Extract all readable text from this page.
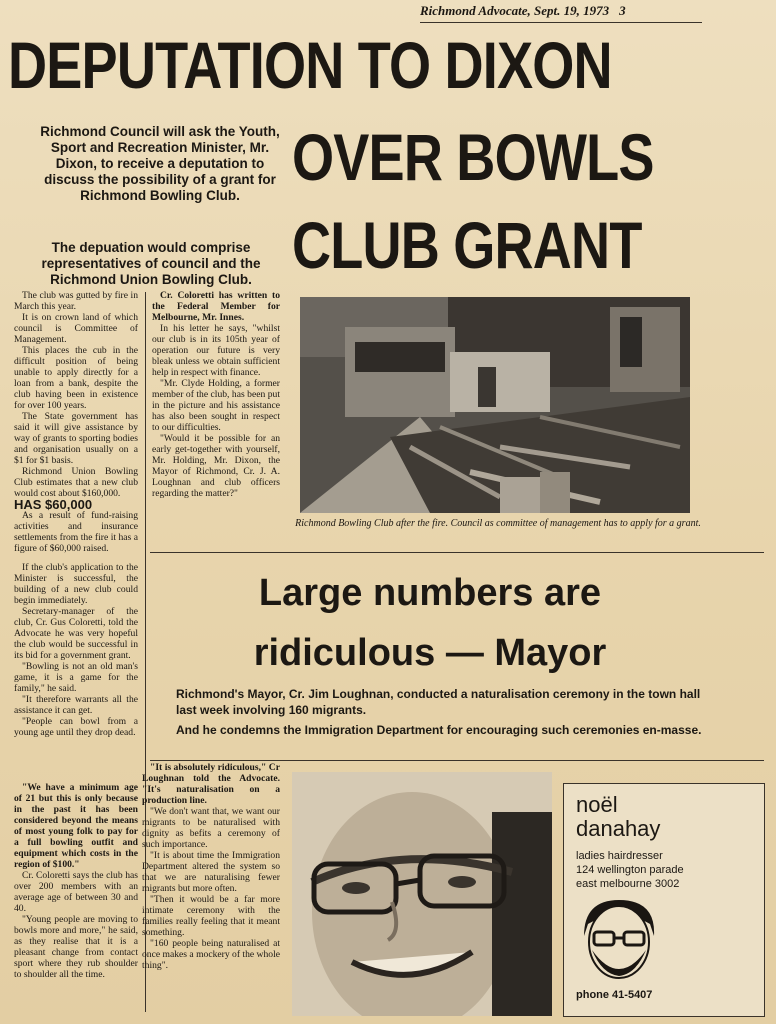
Richmond Advocate, Sept. 19, 1973 3
DEPUTATION TO DIXON
OVER BOWLS
CLUB GRANT
Richmond Council will ask the Youth, Sport and Recreation Minister, Mr. Dixon, to receive a deputation to discuss the possibility of a grant for Richmond Bowling Club.
The depuation would comprise representatives of council and the Richmond Union Bowling Club.

The club was gutted by fire in March this year.

It is on crown land of which council is Committee of Management.

This places the cub in the difficult position of being unable to apply directly for a loan from a bank, despite the club having been in existence for over 100 years.

The State government has said it will give assistance by way of grants to sporting bodies and organisation usually on a $1 for $1 basis.

Richmond Union Bowling Club estimates that a new club would cost about $160,000.

HAS $60,000

As a result of fund-raising activities and insurance settlements from the fire it has a figure of $60,000 raised.

If the club's application to the Minister is successful, the building of a new club could begin immediately.

Secretary-manager of the club, Cr. Gus Coloretti, told the Advocate he was very hopeful the club would be successful in its bid for a government grant.

"Bowling is not an old man's game, it is a game for the family," he said.

"It therefore warrants all the assistance it can get.

"People can bowl from a young age until they drop dead.

"We have a minimum age of 21 but this is only because in the past it has been considered beyond the means of most young folk to pay for a full bowling outfit and equipment which costs in the region of $100."

Cr. Coloretti says the club has over 200 members with an average age of between 30 and 40.

"Young people are moving to bowls more and more," he said, as they realise that it is a pleasant change from contact sport where they rub shoulder to shoulder all the time.

Cr. Coloretti has written to the Federal Member for Melbourne, Mr. Innes.

In his letter he says, "whilst our club is in its 105th year of operation our future is very bleak unless we obtain sufficient help in respect with finance.

"Mr. Clyde Holding, a former member of the club, has been put in the picture and his assistance has also been sought in respect to our difficulties.

"Would it be possible for an early get-together with yourself, Mr. Holding, Mr. Dixon, the Mayor of Richmond, Cr. J. A. Loughnan and club officers regarding the matter?"

Richmond Bowling Club after the fire. Council as committee of management has to apply for a grant.
Large numbers are
ridiculous — Mayor
Richmond's Mayor, Cr. Jim Loughnan, conducted a naturalisation ceremony in the town hall last week involving 160 migrants.
And he condemns the Immigration Department for encouraging such ceremonies en-masse.

"It is absolutely ridiculous," Cr Loughnan told the Advocate. "It's naturalisation on a production line.

"We don't want that, we want our migrants to be naturalised with dignity as befits a ceremony of such importance.

"It is about time the Immigration Department altered the system so that we are naturalising fewer migrants but more often.

"Then it would be a far more intimate ceremony with the families really feeling that it meant something.

"160 people being naturalised at once makes a mockery of the whole thing".

noël
danahay
ladies hairdresser
124 wellington parade
east melbourne 3002
phone 41-5407
